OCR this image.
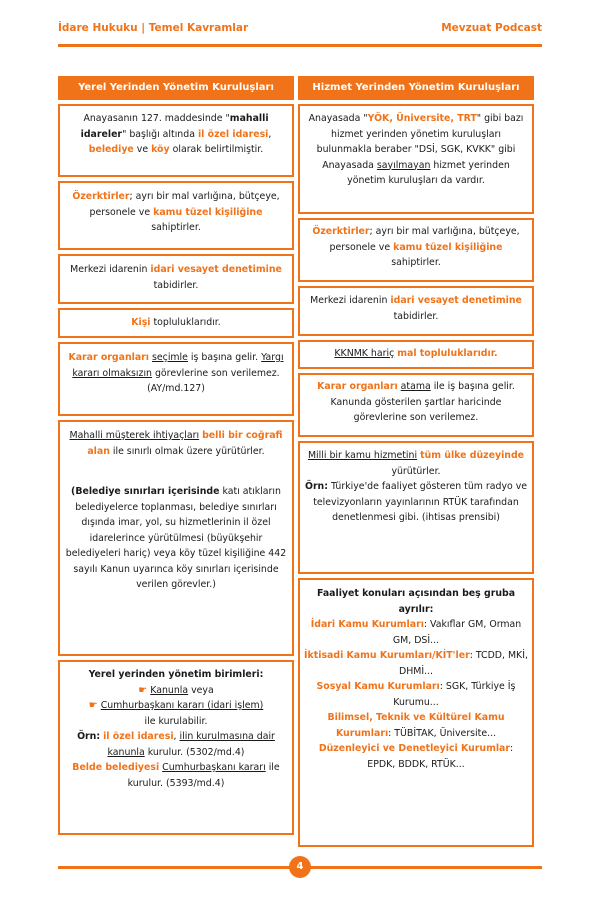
İdare Hukuku | Temel Kavramlar	Mevzuat Podcast
Yerel Yerinden Yönetim Kuruluşları
Anayasanın 127. maddesinde "mahalli idareler" başlığı altında il özel idaresi, belediye ve köy olarak belirtilmiştir.
Özerktirler; ayrı bir mal varlığına, bütçeye, personele ve kamu tüzel kişiliğine sahiptirler.
Merkezi idarenin idari vesayet denetimine tabidirler.
Kişi topluluklarıdır.
Karar organları seçimle iş başına gelir. Yargı kararı olmaksızın görevlerine son verilemez. (AY/md.127)
Mahalli müşterek ihtiyaçları belli bir coğrafi alan ile sınırlı olmak üzere yürütürler.
(Belediye sınırları içerisinde katı atıkların belediyelerce toplanması, belediye sınırları dışında imar, yol, su hizmetlerinin il özel idarelerince yürütülmesi (büyükşehir belediyeleri hariç) veya köy tüzel kişiliğine 442 sayılı Kanun uyarınca köy sınırları içerisinde verilen görevler.)
Yerel yerinden yönetim birimleri:
☛ Kanunla veya
☛ Cumhurbaşkanı kararı (idari işlem)
ile kurulabilir.
Örn: il özel idaresi, ilin kurulmasına dair kanunla kurulur. (5302/md.4)
Belde belediyesi Cumhurbaşkanı kararı ile kurulur. (5393/md.4)
Hizmet Yerinden Yönetim Kuruluşları
Anayasada "YÖK, Üniversite, TRT" gibi bazı hizmet yerinden yönetim kuruluşları bulunmakla beraber "DSİ, SGK, KVKK" gibi Anayasada sayılmayan hizmet yerinden yönetim kuruluşları da vardır.
Özerktirler; ayrı bir mal varlığına, bütçeye, personele ve kamu tüzel kişiliğine sahiptirler.
Merkezi idarenin idari vesayet denetimine tabidirler.
KKNMK hariç mal topluluklarıdır.
Karar organları atama ile iş başına gelir. Kanunda gösterilen şartlar haricinde görevlerine son verilemez.
Milli bir kamu hizmetini tüm ülke düzeyinde yürütürler.
Örn: Türkiye'de faaliyet gösteren tüm radyo ve televizyonların yayınlarının RTÜK tarafından denetlenmesi gibi. (ihtisas prensibi)
Faaliyet konuları açısından beş gruba ayrılır:
İdari Kamu Kurumları: Vakıflar GM, Orman GM, DSİ...
İktisadi Kamu Kurumları/KİT'ler: TCDD, MKİ, DHMİ...
Sosyal Kamu Kurumları: SGK, Türkiye İş Kurumu...
Bilimsel, Teknik ve Kültürel Kamu Kurumları: TÜBİTAK, Üniversite...
Düzenleyici ve Denetleyici Kurumlar:
EPDK, BDDK, RTÜK...
4
